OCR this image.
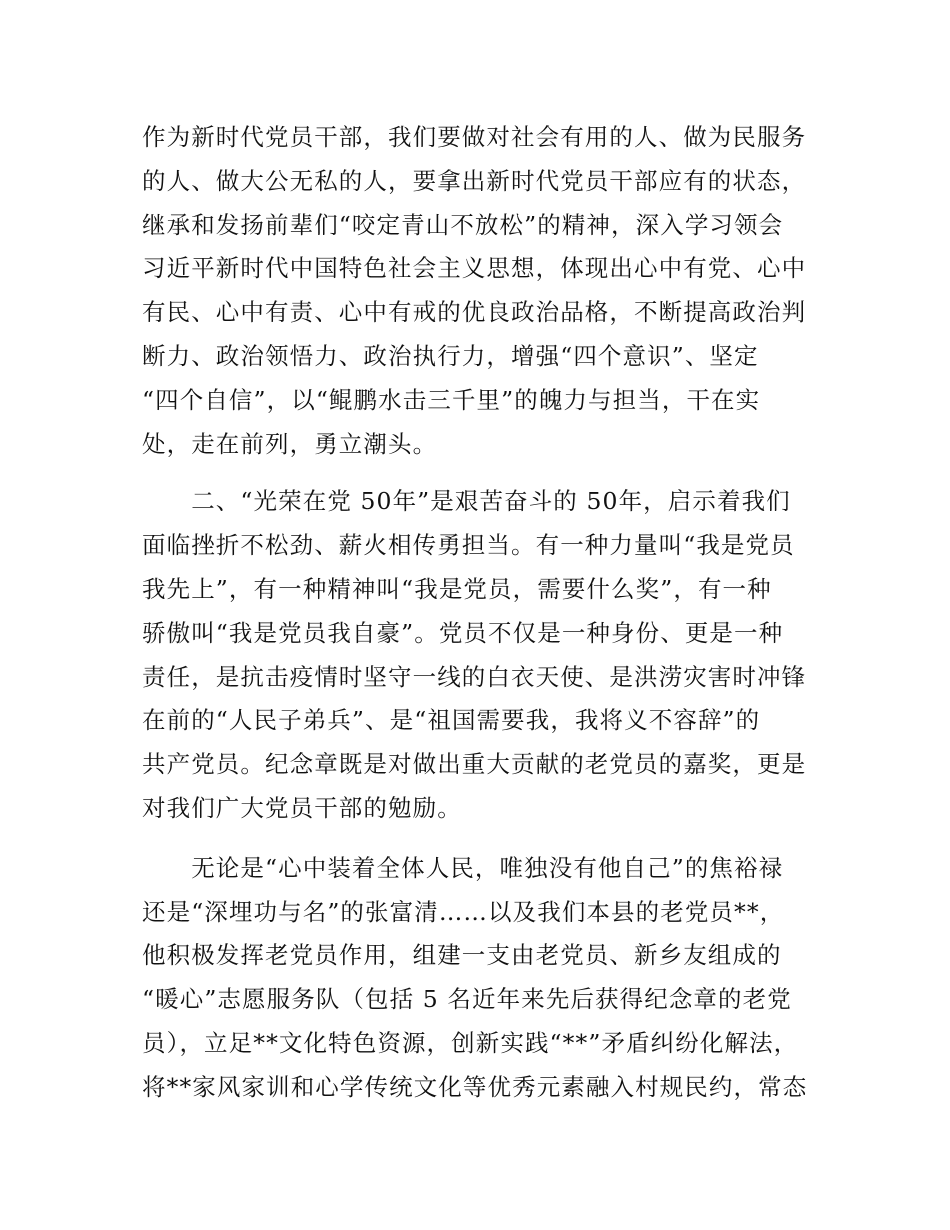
作为新时代党员干部，我们要做对社会有用的人、做为民服务
的人、做大公无私的人，要拿出新时代党员干部应有的状态，
继承和发扬前辈们“咬定青山不放松”的精神，深入学习领会
习近平新时代中国特色社会主义思想，体现出心中有党、心中
有民、心中有责、心中有戒的优良政治品格，不断提高政治判
断力、政治领悟力、政治执行力，增强“四个意识”、坚定
“四个自信”，以“鲲鹏水击三千里”的魄力与担当，干在实
处，走在前列，勇立潮头。
　　二、“光荣在党 50年”是艰苦奋斗的 50年，启示着我们
面临挫折不松劲、薪火相传勇担当。有一种力量叫“我是党员
我先上”，有一种精神叫“我是党员，需要什么奖”，有一种
骄傲叫“我是党员我自豪”。党员不仅是一种身份、更是一种
责任，是抗击疫情时坚守一线的白衣天使、是洪涝灾害时冲锋
在前的“人民子弟兵”、是“祖国需要我，我将义不容辞”的
共产党员。纪念章既是对做出重大贡献的老党员的嘉奖，更是
对我们广大党员干部的勉励。
　　无论是“心中装着全体人民，唯独没有他自己”的焦裕禄
还是“深埋功与名”的张富清……以及我们本县的老党员**，
他积极发挥老党员作用，组建一支由老党员、新乡友组成的
“暖心”志愿服务队（包括 5 名近年来先后获得纪念章的老党
员），立足**文化特色资源，创新实践“**”矛盾纠纷化解法，
将**家风家训和心学传统文化等优秀元素融入村规民约，常态
